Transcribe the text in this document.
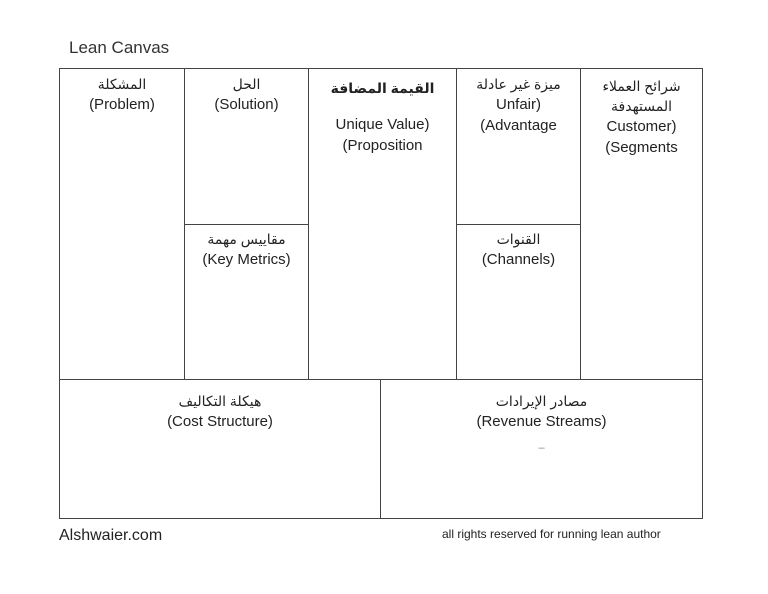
Lean Canvas
المشكلة
(Problem)
الحل
(Solution)
مقاييس مهمة
(Key Metrics)
القيمة المضافة
Unique Value)
(Proposition
ميزة غير عادلة
Unfair)
(Advantage
القنوات
(Channels)
شرائح العملاء
المستهدفة
Customer)
(Segments
هيكلة التكاليف
(Cost Structure)
مصادر الإيرادات
(Revenue Streams)
–
Alshwaier.com	all rights reserved for running lean author
